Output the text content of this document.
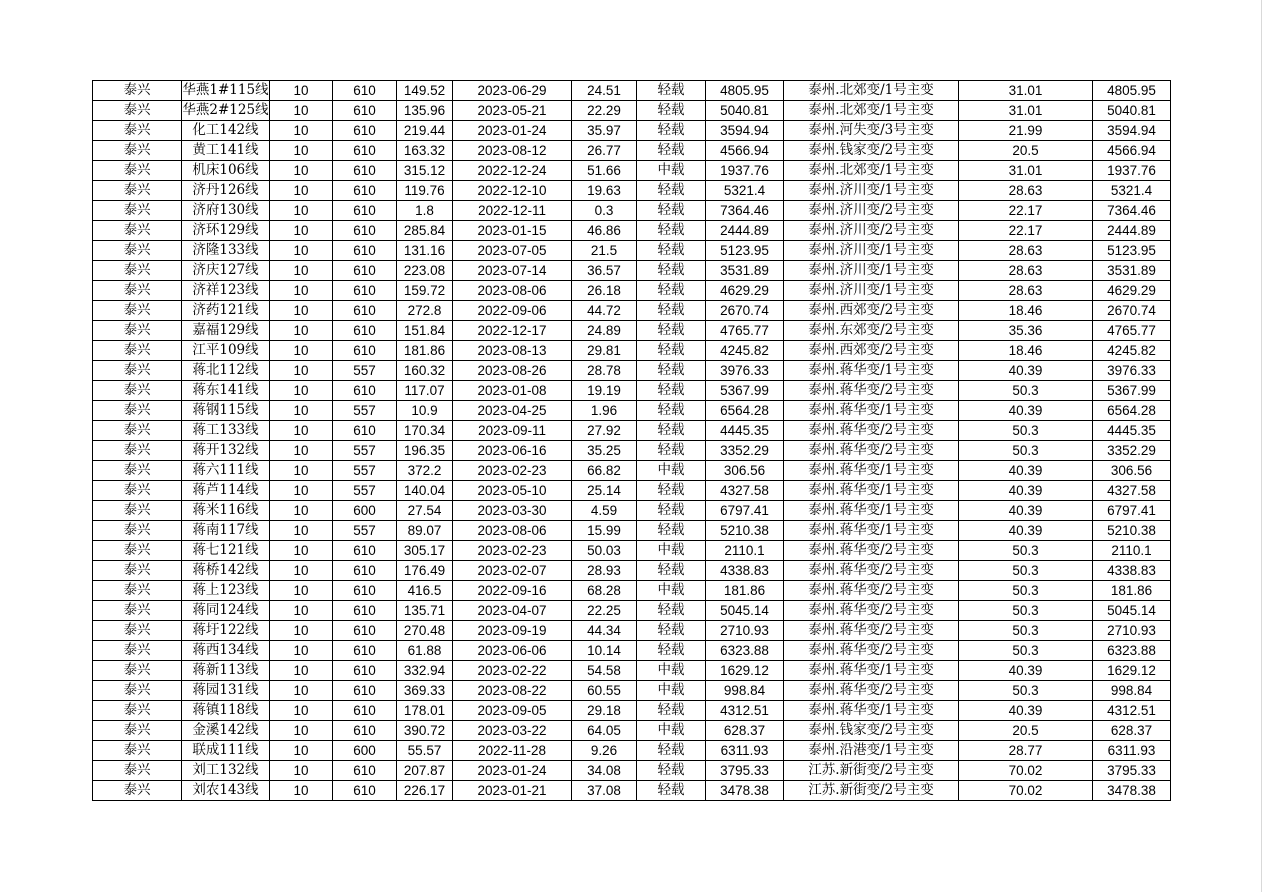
泰兴	华燕1#115线	10	610	149.52	2023-06-29	24.51	轻载	4805.95	泰州.北郊变/1号主变	31.01	4805.95
泰兴	华燕2#125线	10	610	135.96	2023-05-21	22.29	轻载	5040.81	泰州.北郊变/1号主变	31.01	5040.81
泰兴	化工142线	10	610	219.44	2023-01-24	35.97	轻载	3594.94	泰州.河失变/3号主变	21.99	3594.94
泰兴	黄工141线	10	610	163.32	2023-08-12	26.77	轻载	4566.94	泰州.钱家变/2号主变	20.5	4566.94
泰兴	机床106线	10	610	315.12	2022-12-24	51.66	中载	1937.76	泰州.北郊变/1号主变	31.01	1937.76
泰兴	济丹126线	10	610	119.76	2022-12-10	19.63	轻载	5321.4	泰州.济川变/1号主变	28.63	5321.4
泰兴	济府130线	10	610	1.8	2022-12-11	0.3	轻载	7364.46	泰州.济川变/2号主变	22.17	7364.46
泰兴	济环129线	10	610	285.84	2023-01-15	46.86	轻载	2444.89	泰州.济川变/2号主变	22.17	2444.89
泰兴	济隆133线	10	610	131.16	2023-07-05	21.5	轻载	5123.95	泰州.济川变/1号主变	28.63	5123.95
泰兴	济庆127线	10	610	223.08	2023-07-14	36.57	轻载	3531.89	泰州.济川变/1号主变	28.63	3531.89
泰兴	济祥123线	10	610	159.72	2023-08-06	26.18	轻载	4629.29	泰州.济川变/1号主变	28.63	4629.29
泰兴	济药121线	10	610	272.8	2022-09-06	44.72	轻载	2670.74	泰州.西郊变/2号主变	18.46	2670.74
泰兴	嘉福129线	10	610	151.84	2022-12-17	24.89	轻载	4765.77	泰州.东郊变/2号主变	35.36	4765.77
泰兴	江平109线	10	610	181.86	2023-08-13	29.81	轻载	4245.82	泰州.西郊变/2号主变	18.46	4245.82
泰兴	蒋北112线	10	557	160.32	2023-08-26	28.78	轻载	3976.33	泰州.蒋华变/1号主变	40.39	3976.33
泰兴	蒋东141线	10	610	117.07	2023-01-08	19.19	轻载	5367.99	泰州.蒋华变/2号主变	50.3	5367.99
泰兴	蒋钢115线	10	557	10.9	2023-04-25	1.96	轻载	6564.28	泰州.蒋华变/1号主变	40.39	6564.28
泰兴	蒋工133线	10	610	170.34	2023-09-11	27.92	轻载	4445.35	泰州.蒋华变/2号主变	50.3	4445.35
泰兴	蒋开132线	10	557	196.35	2023-06-16	35.25	轻载	3352.29	泰州.蒋华变/2号主变	50.3	3352.29
泰兴	蒋六111线	10	557	372.2	2023-02-23	66.82	中载	306.56	泰州.蒋华变/1号主变	40.39	306.56
泰兴	蒋芦114线	10	557	140.04	2023-05-10	25.14	轻载	4327.58	泰州.蒋华变/1号主变	40.39	4327.58
泰兴	蒋米116线	10	600	27.54	2023-03-30	4.59	轻载	6797.41	泰州.蒋华变/1号主变	40.39	6797.41
泰兴	蒋南117线	10	557	89.07	2023-08-06	15.99	轻载	5210.38	泰州.蒋华变/1号主变	40.39	5210.38
泰兴	蒋七121线	10	610	305.17	2023-02-23	50.03	中载	2110.1	泰州.蒋华变/2号主变	50.3	2110.1
泰兴	蒋桥142线	10	610	176.49	2023-02-07	28.93	轻载	4338.83	泰州.蒋华变/2号主变	50.3	4338.83
泰兴	蒋上123线	10	610	416.5	2022-09-16	68.28	中载	181.86	泰州.蒋华变/2号主变	50.3	181.86
泰兴	蒋同124线	10	610	135.71	2023-04-07	22.25	轻载	5045.14	泰州.蒋华变/2号主变	50.3	5045.14
泰兴	蒋圩122线	10	610	270.48	2023-09-19	44.34	轻载	2710.93	泰州.蒋华变/2号主变	50.3	2710.93
泰兴	蒋西134线	10	610	61.88	2023-06-06	10.14	轻载	6323.88	泰州.蒋华变/2号主变	50.3	6323.88
泰兴	蒋新113线	10	610	332.94	2023-02-22	54.58	中载	1629.12	泰州.蒋华变/1号主变	40.39	1629.12
泰兴	蒋园131线	10	610	369.33	2023-08-22	60.55	中载	998.84	泰州.蒋华变/2号主变	50.3	998.84
泰兴	蒋镇118线	10	610	178.01	2023-09-05	29.18	轻载	4312.51	泰州.蒋华变/1号主变	40.39	4312.51
泰兴	金溪142线	10	610	390.72	2023-03-22	64.05	中载	628.37	泰州.钱家变/2号主变	20.5	628.37
泰兴	联成111线	10	600	55.57	2022-11-28	9.26	轻载	6311.93	泰州.沿港变/1号主变	28.77	6311.93
泰兴	刘工132线	10	610	207.87	2023-01-24	34.08	轻载	3795.33	江苏.新街变/2号主变	70.02	3795.33
泰兴	刘农143线	10	610	226.17	2023-01-21	37.08	轻载	3478.38	江苏.新街变/2号主变	70.02	3478.38
